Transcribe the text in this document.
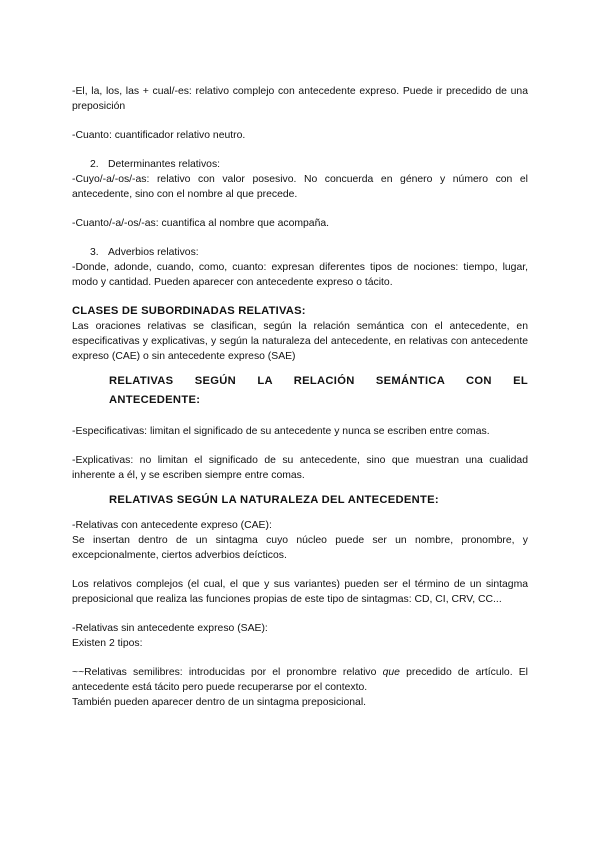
-El, la, los, las + cual/-es: relativo complejo con antecedente expreso. Puede ir precedido de una preposición

-Cuanto: cuantificador relativo neutro.

2. Determinantes relativos:

-Cuyo/-a/-os/-as: relativo con valor posesivo. No concuerda en género y número con el antecedente, sino con el nombre al que precede.

-Cuanto/-a/-os/-as: cuantifica al nombre que acompaña.

3. Adverbios relativos:

-Donde, adonde, cuando, como, cuanto: expresan diferentes tipos de nociones: tiempo, lugar, modo y cantidad. Pueden aparecer con antecedente expreso o tácito.

CLASES DE SUBORDINADAS RELATIVAS:

Las oraciones relativas se clasifican, según la relación semántica con el antecedente, en especificativas y explicativas, y según la naturaleza del antecedente, en relativas con antecedente expreso (CAE) o sin antecedente expreso (SAE)

RELATIVAS SEGÚN LA RELACIÓN SEMÁNTICA CON EL
ANTECEDENTE:

-Especificativas: limitan el significado de su antecedente y nunca se escriben entre comas.

-Explicativas: no limitan el significado de su antecedente, sino que muestran una cualidad inherente a él, y se escriben siempre entre comas.

RELATIVAS SEGÚN LA NATURALEZA DEL ANTECEDENTE:

-Relativas con antecedente expreso (CAE):

Se insertan dentro de un sintagma cuyo núcleo puede ser un nombre, pronombre, y excepcionalmente, ciertos adverbios deícticos.

Los relativos complejos (el cual, el que y sus variantes) pueden ser el término de un sintagma preposicional que realiza las funciones propias de este tipo de sintagmas: CD, CI, CRV, CC...

-Relativas sin antecedente expreso (SAE):

Existen 2 tipos:

~~Relativas semilibres: introducidas por el pronombre relativo que precedido de artículo. El antecedente está tácito pero puede recuperarse por el contexto.

También pueden aparecer dentro de un sintagma preposicional.
